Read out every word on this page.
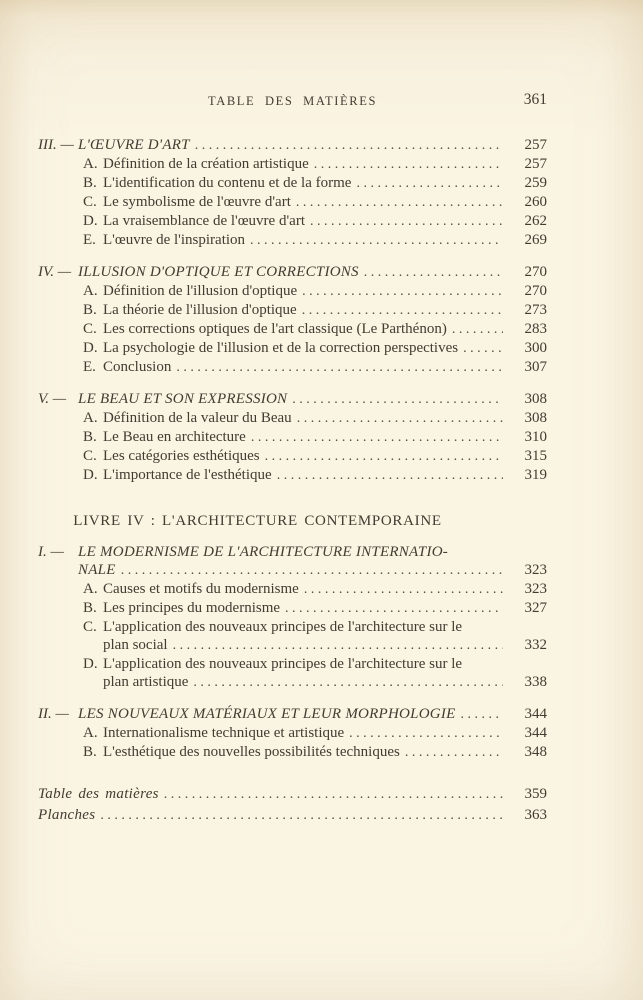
TABLE DES MATIÈRES	361
III. — L'ŒUVRE D'ART .....	257
A. Définition de la création artistique .....	257
B. L'identification du contenu et de la forme .....	259
C. Le symbolisme de l'œuvre d'art .....	260
D. La vraisemblance de l'œuvre d'art .....	262
E. L'œuvre de l'inspiration .....	269
IV. — ILLUSION D'OPTIQUE ET CORRECTIONS .....	270
A. Définition de l'illusion d'optique .....	270
B. La théorie de l'illusion d'optique .....	273
C. Les corrections optiques de l'art classique (Le Parthénon) .....	283
D. La psychologie de l'illusion et de la correction perspectives .....	300
E. Conclusion .....	307
V. — LE BEAU ET SON EXPRESSION .....	308
A. Définition de la valeur du Beau .....	308
B. Le Beau en architecture .....	310
C. Les catégories esthétiques .....	315
D. L'importance de l'esthétique .....	319
LIVRE IV : L'ARCHITECTURE CONTEMPORAINE
I. — LE MODERNISME DE L'ARCHITECTURE INTERNATIO-
NALE .....	323
A. Causes et motifs du modernisme .....	323
B. Les principes du modernisme .....	327
C. L'application des nouveaux principes de l'architecture sur le
plan social .....	332
D. L'application des nouveaux principes de l'architecture sur le
plan artistique .....	338
II. — LES NOUVEAUX MATÉRIAUX ET LEUR MORPHOLOGIE .....	344
A. Internationalisme technique et artistique .....	344
B. L'esthétique des nouvelles possibilités techniques .....	348
Table des matières .....	359
Planches .....	363
